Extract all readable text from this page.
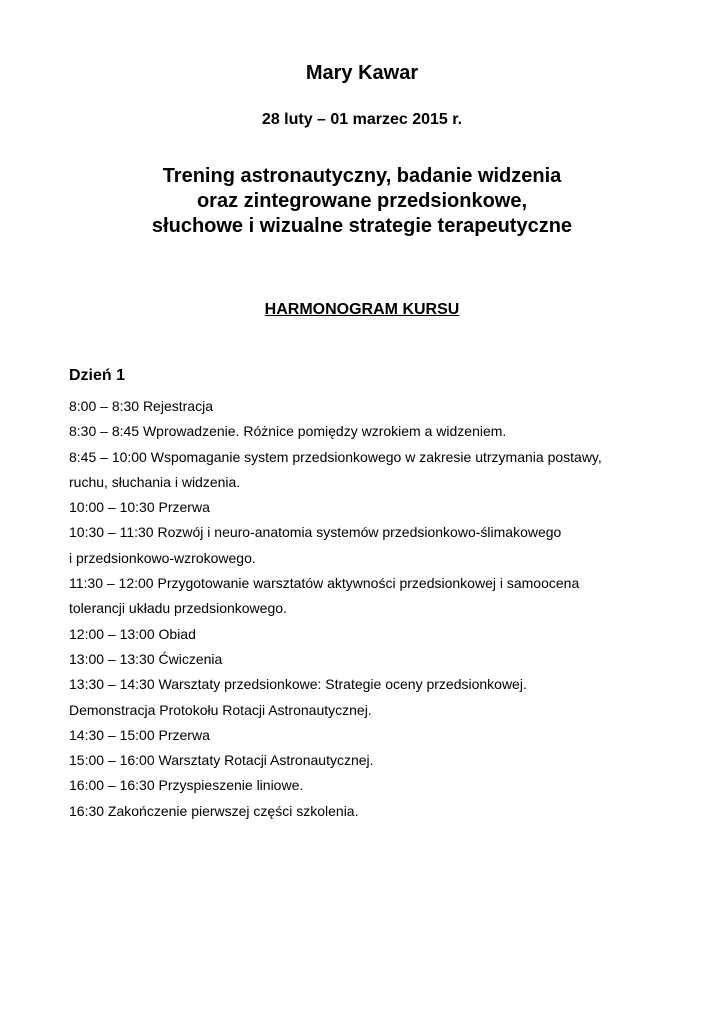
Mary Kawar
28 luty – 01 marzec 2015 r.
Trening astronautyczny, badanie widzenia
oraz zintegrowane przedsionkowe,
słuchowe i wizualne strategie terapeutyczne
HARMONOGRAM KURSU
Dzień 1
8:00 – 8:30 Rejestracja
8:30 – 8:45 Wprowadzenie. Różnice pomiędzy wzrokiem a widzeniem.
8:45 – 10:00 Wspomaganie system przedsionkowego w zakresie utrzymania postawy,
ruchu, słuchania i widzenia.
10:00 – 10:30 Przerwa
10:30 – 11:30 Rozwój i neuro-anatomia systemów przedsionkowo-ślimakowego
i przedsionkowo-wzrokowego.
11:30 – 12:00 Przygotowanie warsztatów aktywności przedsionkowej i samoocena
tolerancji układu przedsionkowego.
12:00 – 13:00 Obiad
13:00 – 13:30 Ćwiczenia
13:30 – 14:30 Warsztaty przedsionkowe: Strategie oceny przedsionkowej.
Demonstracja Protokołu Rotacji Astronautycznej.
14:30 – 15:00 Przerwa
15:00 – 16:00 Warsztaty Rotacji Astronautycznej.
16:00 – 16:30 Przyspieszenie liniowe.
16:30 Zakończenie pierwszej części szkolenia.
